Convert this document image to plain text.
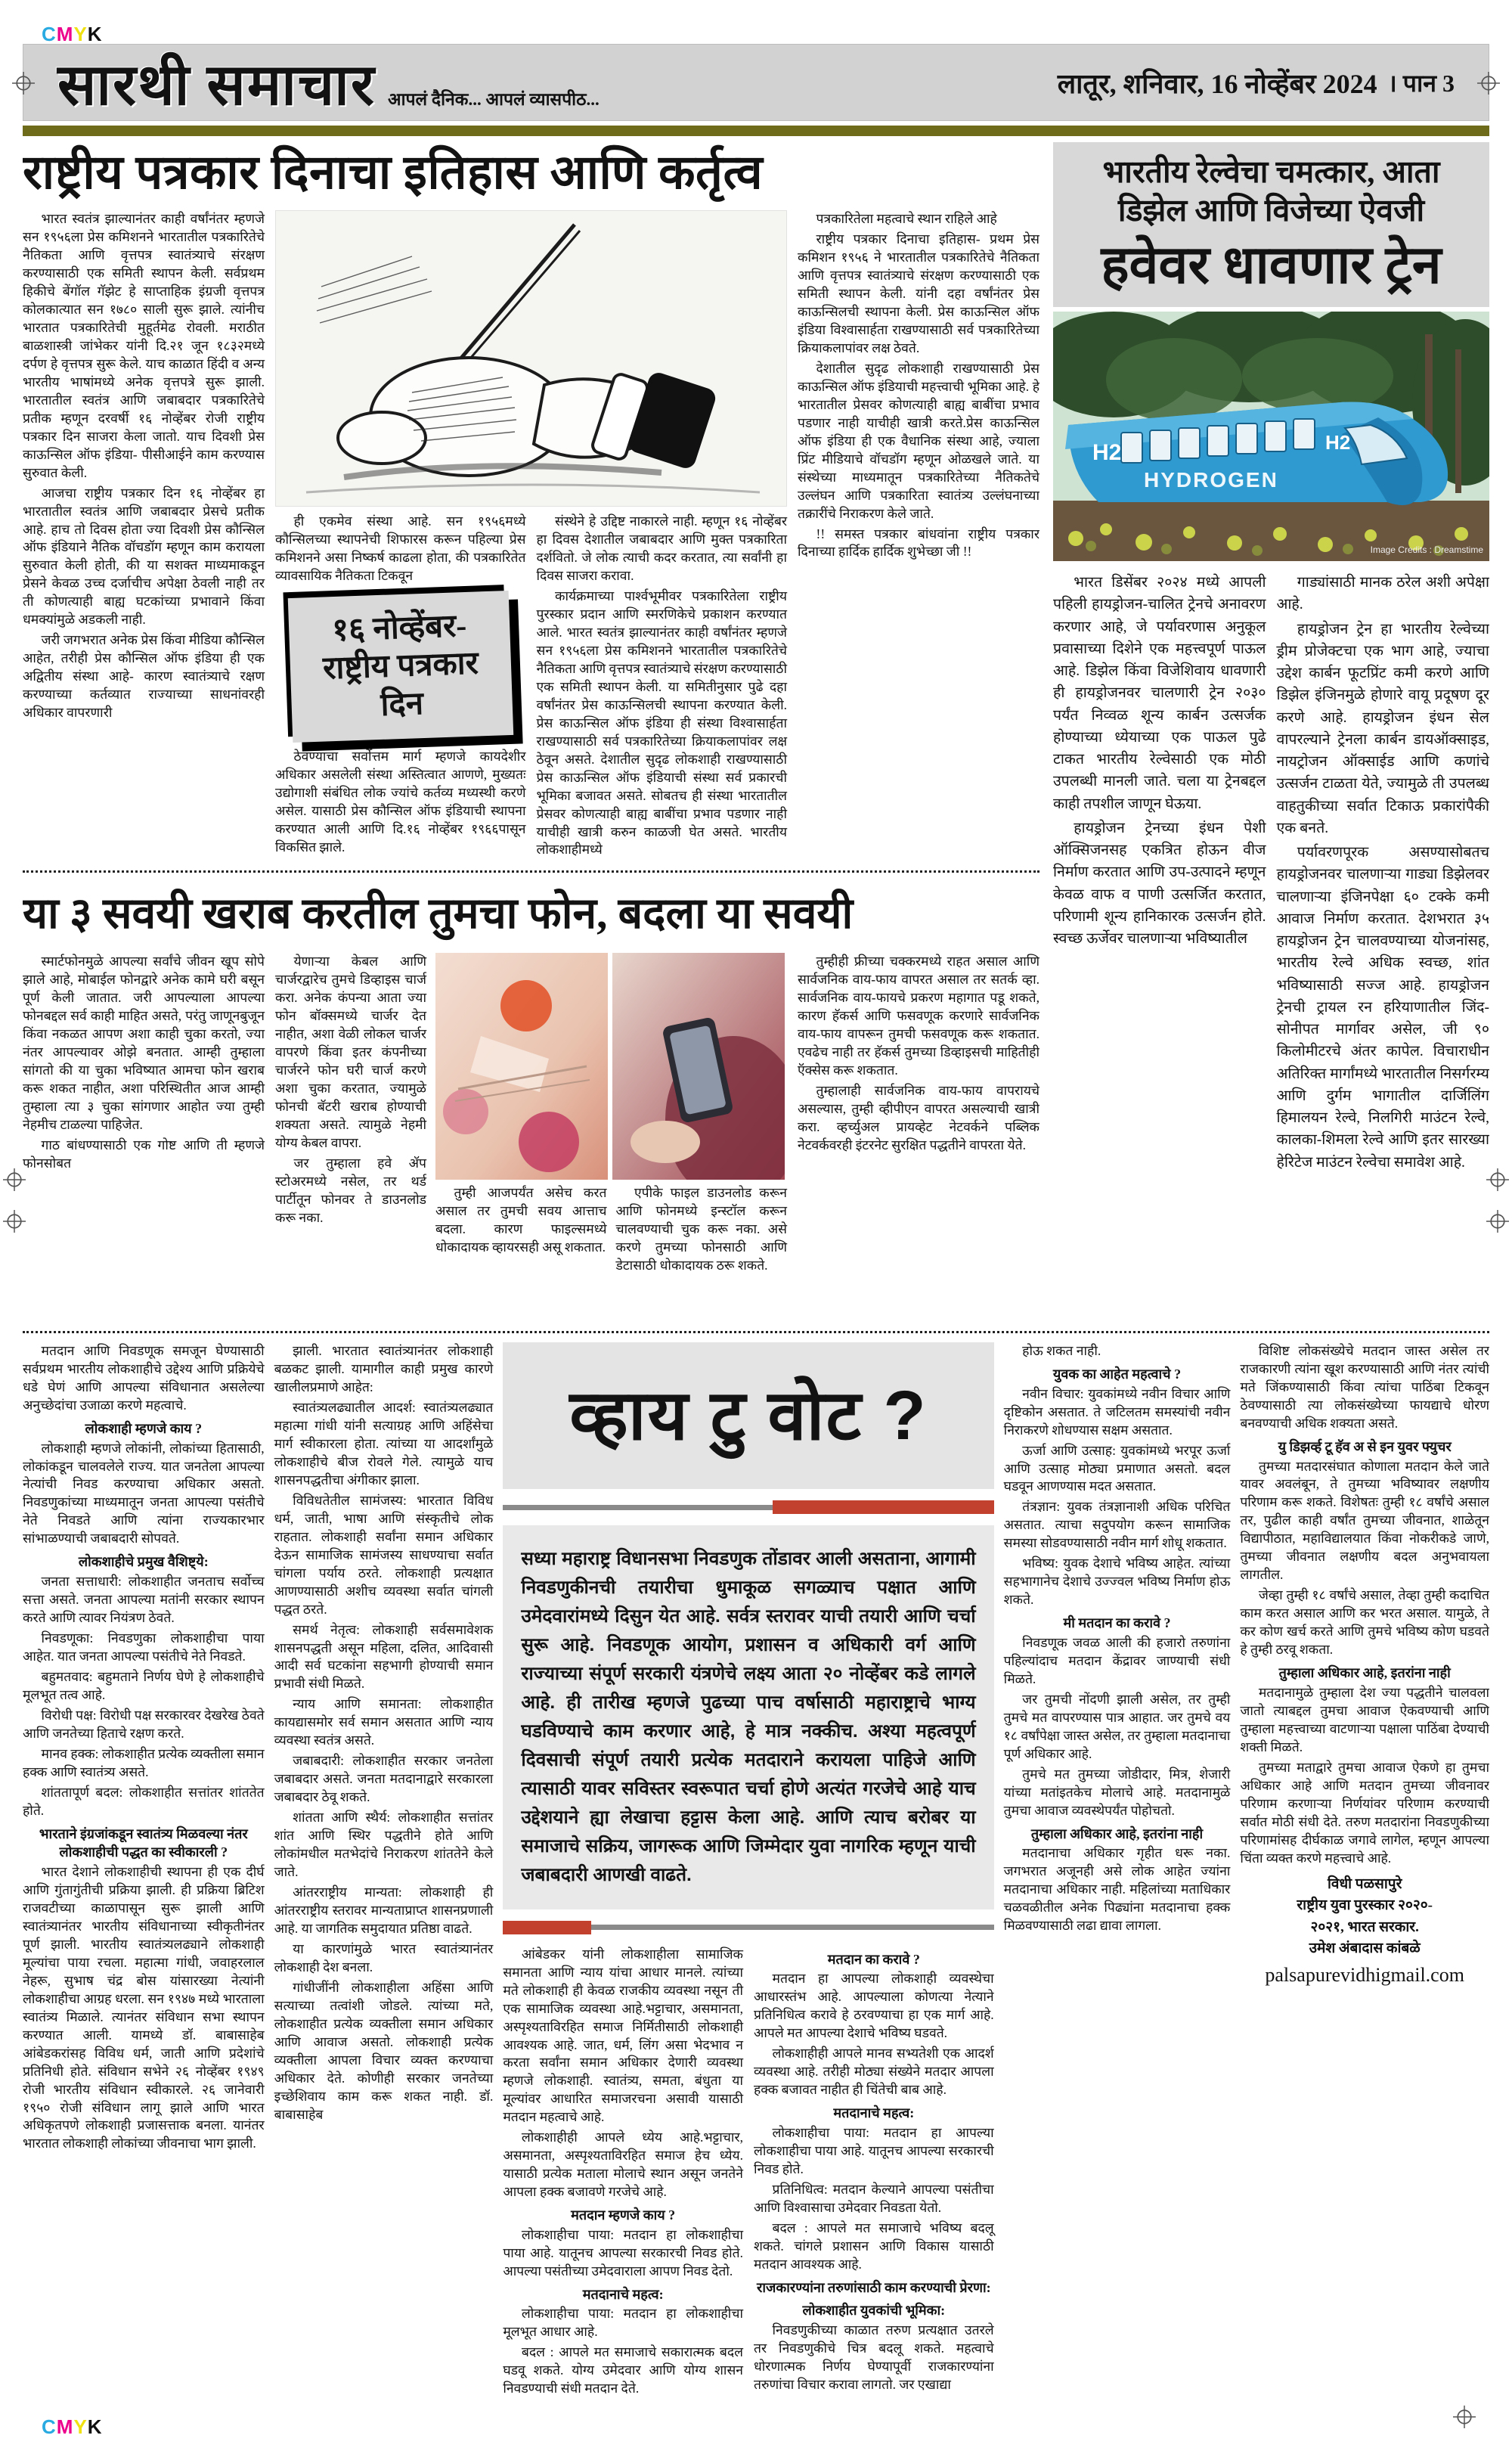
CMYK
सारथी समाचार आपलं दैनिक... आपलं व्यासपीठ...
लातूर, शनिवार, 16 नोव्हेंबर 2024 । पान 3
राष्ट्रीय पत्रकार दिनाचा इतिहास आणि कर्तृत्व

भारत स्वतंत्र झाल्यानंतर काही वर्षांनंतर म्हणजे सन १९५६ला प्रेस कमिशनने भारतातील पत्रकारितेचे नैतिकता आणि वृत्तपत्र स्वातंत्र्याचे संरक्षण करण्यासाठी एक समिती स्थापन केली. सर्वप्रथम हिकीचे बेंगॉल गॅझेट हे साप्ताहिक इंग्रजी वृत्तपत्र कोलकात्यात सन १७८० साली सुरू झाले. त्यांनीच भारतात पत्रकारितेची मुहूर्तमेढ रोवली. मराठीत बाळशास्त्री जांभेकर यांनी दि.२१ जून १८३२मध्ये दर्पण हे वृत्तपत्र सुरू केले. याच काळात हिंदी व अन्य भारतीय भाषांमध्ये अनेक वृत्तपत्रे सुरू झाली. भारतातील स्वतंत्र आणि जबाबदार पत्रकारितेचे प्रतीक म्हणून दरवर्षी १६ नोव्हेंबर रोजी राष्ट्रीय पत्रकार दिन साजरा केला जातो. याच दिवशी प्रेस काऊन्सिल ऑफ इंडिया- पीसीआईने काम करण्यास सुरुवात केली.

आजचा राष्ट्रीय पत्रकार दिन १६ नोव्हेंबर हा भारतातील स्वतंत्र आणि जबाबदार प्रेसचे प्रतीक आहे. हाच तो दिवस होता ज्या दिवशी प्रेस कौन्सिल ऑफ इंडियाने नैतिक वॉचडॉग म्हणून काम करायला सुरुवात केली होती, की या सशक्त माध्यमाकडून प्रेसने केवळ उच्च दर्जाचीच अपेक्षा ठेवली नाही तर ती कोणत्याही बाह्य घटकांच्या प्रभावाने किंवा धमक्यांमुळे अडकली नाही.

जरी जगभरात अनेक प्रेस किंवा मीडिया कौन्सिल आहेत, तरीही प्रेस कौन्सिल ऑफ इंडिया ही एक अद्वितीय संस्था आहे- कारण स्वातंत्र्याचे रक्षण करण्याच्या कर्तव्यात राज्याच्या साधनांवरही अधिकार वापरणारी

ही एकमेव संस्था आहे. सन १९५६मध्ये कौन्सिलच्या स्थापनेची शिफारस करून पहिल्या प्रेस कमिशनने असा निष्कर्ष काढला होता, की पत्रकारितेत व्यावसायिक नैतिकता टिकवून

१६ नोव्हेंबर- राष्ट्रीय पत्रकार दिन

ठेवण्याचा सर्वोत्तम मार्ग म्हणजे कायदेशीर अधिकार असलेली संस्था अस्तित्वात आणणे, मुख्यतः उद्योगाशी संबंधित लोक ज्यांचे कर्तव्य मध्यस्थी करणे असेल. यासाठी प्रेस कौन्सिल ऑफ इंडियाची स्थापना करण्यात आली आणि दि.१६ नोव्हेंबर १९६६पासून विकसित झाले.

संस्थेने हे उद्दिष्ट नाकारले नाही. म्हणून १६ नोव्हेंबर हा दिवस देशातील जबाबदार आणि मुक्त पत्रकारिता दर्शवितो. जे लोक त्याची कदर करतात, त्या सर्वांनी हा दिवस साजरा करावा.

कार्यक्रमाच्या पार्श्वभूमीवर पत्रकारितेला राष्ट्रीय पुरस्कार प्रदान आणि स्मरणिकेचे प्रकाशन करण्यात आले. भारत स्वतंत्र झाल्यानंतर काही वर्षांनंतर म्हणजे सन १९५६ला प्रेस कमिशनने भारतातील पत्रकारितेचे नैतिकता आणि वृत्तपत्र स्वातंत्र्याचे संरक्षण करण्यासाठी एक समिती स्थापन केली. या समितीनुसार पुढे दहा वर्षांनंतर प्रेस काऊन्सिलची स्थापना करण्यात केली. प्रेस काऊन्सिल ऑफ इंडिया ही संस्था विश्वासार्हता राखण्यासाठी सर्व पत्रकारितेच्या क्रियाकलापांवर लक्ष ठेवून असते. देशातील सुदृढ लोकशाही राखण्यासाठी प्रेस काऊन्सिल ऑफ इंडियाची संस्था सर्व प्रकारची भूमिका बजावत असते. सोबतच ही संस्था भारतातील प्रेसवर कोणत्याही बाह्य बाबींचा प्रभाव पडणार नाही याचीही खात्री करुन काळजी घेत असते. भारतीय लोकशाहीमध्ये

पत्रकारितेला महत्वाचे स्थान राहिले आहे

राष्ट्रीय पत्रकार दिनाचा इतिहास- प्रथम प्रेस कमिशन १९५६ ने भारतातील पत्रकारितेचे नैतिकता आणि वृत्तपत्र स्वातंत्र्याचे संरक्षण करण्यासाठी एक समिती स्थापन केली. यांनी दहा वर्षांनंतर प्रेस काऊन्सिलची स्थापना केली. प्रेस काऊन्सिल ऑफ इंडिया विश्वासार्हता राखण्यासाठी सर्व पत्रकारितेच्या क्रियाकलापांवर लक्ष ठेवते.

देशातील सुदृढ लोकशाही राखण्यासाठी प्रेस काऊन्सिल ऑफ इंडियाची महत्त्वाची भूमिका आहे. हे भारतातील प्रेसवर कोणत्याही बाह्य बाबींचा प्रभाव पडणार नाही याचीही खात्री करते.प्रेस काऊन्सिल ऑफ इंडिया ही एक वैधानिक संस्था आहे, ज्याला प्रिंट मीडियाचे वॉचडॉग म्हणून ओळखले जाते. या संस्थेच्या माध्यमातून पत्रकारितेच्या नैतिकतेचे उल्लंघन आणि पत्रकारिता स्वातंत्र्य उल्लंघनाच्या तक्रारींचे निराकरण केले जाते.

!! समस्त पत्रकार बांधवांना राष्ट्रीय पत्रकार दिनाच्या हार्दिक हार्दिक शुभेच्छा जी !!

या ३ सवयी खराब करतील तुमचा फोन, बदला या सवयी

स्मार्टफोनमुळे आपल्या सर्वांचे जीवन खूप सोपे झाले आहे, मोबाईल फोनद्वारे अनेक कामे घरी बसून पूर्ण केली जातात. जरी आपल्याला आपल्या फोनबद्दल सर्व काही माहित असते, परंतु जाणूनबुजून किंवा नकळत आपण अशा काही चुका करतो, ज्या नंतर आपल्यावर ओझे बनतात. आम्ही तुम्हाला सांगतो की या चुका भविष्यात आमचा फोन खराब करू शकत नाहीत, अशा परिस्थितीत आज आम्ही तुम्हाला त्या ३ चुका सांगणार आहोत ज्या तुम्ही नेहमीच टाळल्या पाहिजेत.

गाठ बांधण्यासाठी एक गोष्ट आणि ती म्हणजे फोनसोबत

येणाऱ्या केबल आणि चार्जरद्वारेच तुमचे डिव्हाइस चार्ज करा. अनेक कंपन्या आता ज्या फोन बॉक्समध्ये चार्जर देत नाहीत, अशा वेळी लोकल चार्जर वापरणे किंवा इतर कंपनीच्या चार्जरने फोन घरी चार्ज करणे अशा चुका करतात, ज्यामुळे फोनची बॅटरी खराब होण्याची शक्यता असते. त्यामुळे नेहमी योग्य केबल वापरा.

जर तुम्हाला हवे ॲप स्टोअरमध्ये नसेल, तर थर्ड पार्टीतून फोनवर ते डाउनलोड करू नका.

तुम्ही आजपर्यंत असेच करत असाल तर तुमची सवय आत्ताच बदला. कारण फाइल्समध्ये धोकादायक व्हायरसही असू शकतात.

एपीके फाइल डाउनलोड करून आणि फोनमध्ये इन्स्टॉल करून चालवण्याची चुक करू नका. असे करणे तुमच्या फोनसाठी आणि डेटासाठी धोकादायक ठरू शकते.

तुम्हीही फ्रीच्या चक्करमध्ये राहत असाल आणि सार्वजनिक वाय-फाय वापरत असाल तर सतर्क व्हा. सार्वजनिक वाय-फायचे प्रकरण महागात पडू शकते, कारण हॅकर्स आणि फसवणूक करणारे सार्वजनिक वाय-फाय वापरून तुमची फसवणूक करू शकतात. एवढेच नाही तर हॅकर्स तुमच्या डिव्हाइसची माहितीही ऍक्सेस करू शकतात.

तुम्हालाही सार्वजनिक वाय-फाय वापरायचे असल्यास, तुम्ही व्हीपीएन वापरत असल्याची खात्री करा. व्हर्च्युअल प्रायव्हेट नेटवर्कने पब्लिक नेटवर्कवरही इंटरनेट सुरक्षित पद्धतीने वापरता येते.

भारतीय रेल्वेचा चमत्कार, आता
डिझेल आणि विजेच्या ऐवजी
हवेवर धावणार ट्रेन
H2	H2
HYDROGEN
Image Credits : Dreamstime

भारत डिसेंबर २०२४ मध्ये आपली पहिली हायड्रोजन-चालित ट्रेनचे अनावरण करणार आहे, जे पर्यावरणास अनुकूल प्रवासाच्या दिशेने एक महत्त्वपूर्ण पाऊल आहे. डिझेल किंवा विजेशिवाय धावणारी ही हायड्रोजनवर चालणारी ट्रेन २०३० पर्यंत निव्वळ शून्य कार्बन उत्सर्जक होण्याच्या ध्येयाच्या एक पाऊल पुढे टाकत भारतीय रेल्वेसाठी एक मोठी उपलब्धी मानली जाते. चला या ट्रेनबद्दल काही तपशील जाणून घेऊया.

हायड्रोजन ट्रेनच्या इंधन पेशी ऑक्सिजनसह एकत्रित होऊन वीज निर्माण करतात आणि उप-उत्पादने म्हणून केवळ वाफ व पाणी उत्सर्जित करतात, परिणामी शून्य हानिकारक उत्सर्जन होते. स्वच्छ ऊर्जेवर चालणाऱ्या भविष्यातील

गाड्यांसाठी मानक ठरेल अशी अपेक्षा आहे.

हायड्रोजन ट्रेन हा भारतीय रेल्वेच्या ड्रीम प्रोजेक्टचा एक भाग आहे, ज्याचा उद्देश कार्बन फूटप्रिंट कमी करणे आणि डिझेल इंजिनमुळे होणारे वायू प्रदूषण दूर करणे आहे. हायड्रोजन इंधन सेल वापरल्याने ट्रेनला कार्बन डायऑक्साइड, नायट्रोजन ऑक्साईड आणि कणांचे उत्सर्जन टाळता येते, ज्यामुळे ती उपलब्ध वाहतुकीच्या सर्वात टिकाऊ प्रकारांपैकी एक बनते.

पर्यावरणपूरक असण्यासोबतच हायड्रोजनवर चालणाऱ्या गाड्या डिझेलवर चालणाऱ्या इंजिनपेक्षा ६० टक्के कमी आवाज निर्माण करतात. देशभरात ३५ हायड्रोजन ट्रेन चालवण्याच्या योजनांसह, भारतीय रेल्वे अधिक स्वच्छ, शांत भविष्यासाठी सज्ज आहे. हायड्रोजन ट्रेनची ट्रायल रन हरियाणातील जिंद-सोनीपत मार्गावर असेल, जी ९० किलोमीटरचे अंतर कापेल. विचाराधीन अतिरिक्त मार्गांमध्ये भारतातील निसर्गरम्य आणि दुर्गम भागातील दार्जिलिंग हिमालयन रेल्वे, निलगिरी माउंटन रेल्वे, कालका-शिमला रेल्वे आणि इतर सारख्या हेरिटेज माउंटन रेल्वेचा समावेश आहे.

मतदान आणि निवडणूक समजून घेण्यासाठी सर्वप्रथम भारतीय लोकशाहीचे उद्देश्य आणि प्रक्रियेचे धडे घेणं आणि आपल्या संविधानात असलेल्या अनुच्छेदांचा उजाळा करणे महत्वाचे.

लोकशाही म्हणजे काय ?

लोकशाही म्हणजे लोकांनी, लोकांच्या हितासाठी, लोकांकडून चालवलेले राज्य. यात जनतेला आपल्या नेत्यांची निवड करण्याचा अधिकार असतो. निवडणुकांच्या माध्यमातून जनता आपल्या पसंतीचे नेते निवडते आणि त्यांना राज्यकारभार सांभाळण्याची जबाबदारी सोपवते.

लोकशाहीचे प्रमुख वैशिष्ट्ये:

जनता सत्ताधारी: लोकशाहीत जनताच सर्वोच्च सत्ता असते. जनता आपल्या मतांनी सरकार स्थापन करते आणि त्यावर नियंत्रण ठेवते.

निवडणूका: निवडणुका लोकशाहीचा पाया आहेत. यात जनता आपल्या पसंतीचे नेते निवडते.

बहुमतवाद: बहुमताने निर्णय घेणे हे लोकशाहीचे मूलभूत तत्व आहे.

विरोधी पक्ष: विरोधी पक्ष सरकारवर देखरेख ठेवते आणि जनतेच्या हिताचे रक्षण करते.

मानव हक्क: लोकशाहीत प्रत्येक व्यक्तीला समान हक्क आणि स्वातंत्र्य असते.

शांततापूर्ण बदल: लोकशाहीत सत्तांतर शांततेत होते.

भारताने इंग्रजांकडून स्वातंत्र्य मिळवल्या नंतर लोकशाहीची पद्धत का स्वीकारली ?

भारत देशाने लोकशाहीची स्थापना ही एक दीर्घ आणि गुंतागुंतीची प्रक्रिया झाली. ही प्रक्रिया ब्रिटिश राजवटीच्या काळापासून सुरू झाली आणि स्वातंत्र्यानंतर भारतीय संविधानाच्या स्वीकृतीनंतर पूर्ण झाली. भारतीय स्वातंत्र्यलढ्याने लोकशाही मूल्यांचा पाया रचला. महात्मा गांधी, जवाहरलाल नेहरू, सुभाष चंद्र बोस यांसारख्या नेत्यांनी लोकशाहीचा आग्रह धरला. सन १९४७ मध्ये भारताला स्वातंत्र्य मिळाले. त्यानंतर संविधान सभा स्थापन करण्यात आली. यामध्ये डॉ. बाबासाहेब आंबेडकरांसह विविध धर्म, जाती आणि प्रदेशांचे प्रतिनिधी होते. संविधान सभेने २६ नोव्हेंबर १९४९ रोजी भारतीय संविधान स्वीकारले. २६ जानेवारी १९५० रोजी संविधान लागू झाले आणि भारत अधिकृतपणे लोकशाही प्रजासत्ताक बनला. यानंतर भारतात लोकशाही लोकांच्या जीवनाचा भाग झाली.

झाली. भारतात स्वातंत्र्यानंतर लोकशाही बळकट झाली. यामागील काही प्रमुख कारणे खालीलप्रमाणे आहेत:

स्वातंत्र्यलढ्यातील आदर्श: स्वातंत्र्यलढ्यात महात्मा गांधी यांनी सत्याग्रह आणि अहिंसेचा मार्ग स्वीकारला होता. त्यांच्या या आदर्शांमुळे लोकशाहीचे बीज रोवले गेले. त्यामुळे याच शासनपद्धतीचा अंगीकार झाला.

विविधतेतील सामंजस्य: भारतात विविध धर्म, जाती, भाषा आणि संस्कृतीचे लोक राहतात. लोकशाही सर्वांना समान अधिकार देऊन सामाजिक सामंजस्य साधण्याचा सर्वात चांगला पर्याय ठरते. लोकशाही प्रत्यक्षात आणण्यासाठी अशीच व्यवस्था सर्वात चांगली पद्धत ठरते.

समर्थ नेतृत्व: लोकशाही सर्वसमावेशक शासनपद्धती असून महिला, दलित, आदिवासी आदी सर्व घटकांना सहभागी होण्याची समान प्रभावी संधी मिळते.

न्याय आणि समानता: लोकशाहीत कायद्यासमोर सर्व समान असतात आणि न्याय व्यवस्था स्वतंत्र असते.

जबाबदारी: लोकशाहीत सरकार जनतेला जबाबदार असते. जनता मतदानाद्वारे सरकारला जबाबदार ठेवू शकते.

शांतता आणि स्थैर्य: लोकशाहीत सत्तांतर शांत आणि स्थिर पद्धतीने होते आणि लोकांमधील मतभेदांचे निराकरण शांततेने केले जाते.

आंतरराष्ट्रीय मान्यता: लोकशाही ही आंतरराष्ट्रीय स्तरावर मान्यताप्राप्त शासनप्रणाली आहे. या जागतिक समुदायात प्रतिष्ठा वाढते.

या कारणांमुळे भारत स्वातंत्र्यानंतर लोकशाही देश बनला.

गांधीजींनी लोकशाहीला अहिंसा आणि सत्याच्या तत्वांशी जोडले. त्यांच्या मते, लोकशाहीत प्रत्येक व्यक्तीला समान अधिकार आणि आवाज असतो. लोकशाही प्रत्येक व्यक्तीला आपला विचार व्यक्त करण्याचा अधिकार देते. कोणीही सरकार जनतेच्या इच्छेशिवाय काम करू शकत नाही. डॉ. बाबासाहेब

व्हाय टु वोट ?
सध्या महाराष्ट्र विधानसभा निवडणुक तोंडावर आली असताना, आगामी निवडणुकीनची तयारीचा धुमाकूळ सगळ्याच पक्षात आणि उमेदवारांमध्ये दिसुन येत आहे. सर्वत्र स्तरावर याची तयारी आणि चर्चा सुरू आहे. निवडणूक आयोग, प्रशासन व अधिकारी वर्ग आणि राज्याच्या संपूर्ण सरकारी यंत्रणेचे लक्ष्य आता २० नोव्हेंबर कडे लागले आहे. ही तारीख म्हणजे पुढच्या पाच वर्षासाठी महाराष्ट्राचे भाग्य घडविण्याचे काम करणार आहे, हे मात्र नक्कीच. अश्या महत्वपूर्ण दिवसाची संपूर्ण तयारी प्रत्येक मतदाराने करायला पाहिजे आणि त्यासाठी यावर सविस्तर स्वरूपात चर्चा होणे अत्यंत गरजेचे आहे याच उद्देशयाने ह्या लेखाचा हट्टास केला आहे. आणि त्याच बरोबर या समाजाचे सक्रिय, जागरूक आणि जिम्मेदार युवा नागरिक म्हणून याची जबाबदारी आणखी वाढते.

आंबेडकर यांनी लोकशाहीला सामाजिक समानता आणि न्याय यांचा आधार मानले. त्यांच्या मते लोकशाही ही केवळ राजकीय व्यवस्था नसून ती एक सामाजिक व्यवस्था आहे.भट्टाचार, असमानता, अस्पृश्यताविरहित समाज निर्मितीसाठी लोकशाही आवश्यक आहे. जात, धर्म, लिंग असा भेदभाव न करता सर्वांना समान अधिकार देणारी व्यवस्था म्हणजे लोकशाही. स्वातंत्र्य, समता, बंधुता या मूल्यांवर आधारित समाजरचना असावी यासाठी मतदान महत्वाचे आहे.

लोकशाहीही आपले ध्येय आहे.भट्टाचार, असमानता, अस्पृश्यताविरहित समाज हेच ध्येय. यासाठी प्रत्येक मताला मोलाचे स्थान असून जनतेने आपला हक्क बजावणे गरजेचे आहे.

मतदान म्हणजे काय ?

लोकशाहीचा पाया: मतदान हा लोकशाहीचा पाया आहे. यातूनच आपल्या सरकारची निवड होते. आपल्या पसंतीच्या उमेदवाराला आपण निवड देतो.

मतदानाचे महत्व:

लोकशाहीचा पाया: मतदान हा लोकशाहीचा मूलभूत आधार आहे.

बदल : आपले मत समाजाचे सकारात्मक बदल घडवू शकते. योग्य उमेदवार आणि योग्य शासन निवडण्याची संधी मतदान देते.

मतदान का करावे ?

मतदान हा आपल्या लोकशाही व्यवस्थेचा आधारस्तंभ आहे. आपल्याला कोणत्या नेत्याने प्रतिनिधित्व करावे हे ठरवण्याचा हा एक मार्ग आहे. आपले मत आपल्या देशाचे भविष्य घडवते.

लोकशाहीही आपले मानव सभ्यतेशी एक आदर्श व्यवस्था आहे. तरीही मोठ्या संख्येने मतदार आपला हक्क बजावत नाहीत ही चिंतेची बाब आहे.

मतदानाचे महत्व:

लोकशाहीचा पाया: मतदान हा आपल्या लोकशाहीचा पाया आहे. यातूनच आपल्या सरकारची निवड होते.

प्रतिनिधित्व: मतदान केल्याने आपल्या पसंतीचा आणि विश्वासाचा उमेदवार निवडता येतो.

बदल : आपले मत समाजाचे भविष्य बदलू शकते. चांगले प्रशासन आणि विकास यासाठी मतदान आवश्यक आहे.

राजकारण्यांना तरुणांसाठी काम करण्याची प्रेरणा:
लोकशाहीत युवकांची भूमिका:

निवडणुकीच्या काळात तरुण प्रत्यक्षात उतरले तर निवडणुकीचे चित्र बदलू शकते. महत्वाचे धोरणात्मक निर्णय घेण्यापूर्वी राजकारण्यांना तरुणांचा विचार करावा लागतो. जर एखाद्या

होऊ शकत नाही.

युवक का आहेत महत्वाचे ?

नवीन विचार: युवकांमध्ये नवीन विचार आणि दृष्टिकोन असतात. ते जटिलतम समस्यांची नवीन निराकरणे शोधण्यास सक्षम असतात.

ऊर्जा आणि उत्साह: युवकांमध्ये भरपूर ऊर्जा आणि उत्साह मोठ्या प्रमाणात असतो. बदल घडवून आणण्यास मदत असतात.

तंत्रज्ञान: युवक तंत्रज्ञानाशी अधिक परिचित असतात. त्याचा सदुपयोग करून सामाजिक समस्या सोडवण्यासाठी नवीन मार्ग शोधू शकतात.

भविष्य: युवक देशाचे भविष्य आहेत. त्यांच्या सहभागानेच देशाचे उज्ज्वल भविष्य निर्माण होऊ शकते.

मी मतदान का करावे ?

निवडणूक जवळ आली की हजारो तरुणांना पहिल्यांदाच मतदान केंद्रावर जाण्याची संधी मिळते.

जर तुमची नोंदणी झाली असेल, तर तुम्ही तुमचे मत वापरण्यास पात्र आहात. जर तुमचे वय १८ वर्षांपेक्षा जास्त असेल, तर तुम्हाला मतदानाचा पूर्ण अधिकार आहे.

तुमचे मत तुमच्या जोडीदार, मित्र, शेजारी यांच्या मतांइतकेच मोलाचे आहे. मतदानामुळे तुमचा आवाज व्यवस्थेपर्यंत पोहोचतो.

तुम्हाला अधिकार आहे, इतरांना नाही

मतदानाचा अधिकार गृहीत धरू नका. जगभरात अजूनही असे लोक आहेत ज्यांना मतदानाचा अधिकार नाही. महिलांच्या मताधिकार चळवळीतील अनेक पिढ्यांना मतदानाचा हक्क मिळवण्यासाठी लढा द्यावा लागला.

विशिष्ट लोकसंख्येचे मतदान जास्त असेल तर राजकारणी त्यांना खूश करण्यासाठी आणि नंतर त्यांची मते जिंकण्यासाठी किंवा त्यांचा पाठिंबा टिकवून ठेवण्यासाठी त्या लोकसंख्येच्या फायद्याचे धोरण बनवण्याची अधिक शक्यता असते.

यु डिझर्व्ह टू हॅव अ से इन युवर फ्युचर

तुमच्या मतदारसंघात कोणाला मतदान केले जाते यावर अवलंबून, ते तुमच्या भविष्यावर लक्षणीय परिणाम करू शकते. विशेषतः तुम्ही १८ वर्षांचे असाल तर, पुढील काही वर्षांत तुमच्या जीवनात, शाळेतून विद्यापीठात, महाविद्यालयात किंवा नोकरीकडे जाणे, तुमच्या जीवनात लक्षणीय बदल अनुभवायला लागतील.

जेव्हा तुम्ही १८ वर्षांचे असाल, तेव्हा तुम्ही कदाचित काम करत असाल आणि कर भरत असाल. यामुळे, ते कर कोण खर्च करते आणि तुमचे भविष्य कोण घडवते हे तुम्ही ठरवू शकता.

तुम्हाला अधिकार आहे, इतरांना नाही

मतदानामुळे तुम्हाला देश ज्या पद्धतीने चालवला जातो त्याबद्दल तुमचा आवाज ऐकवण्याची आणि तुम्हाला महत्त्वाच्या वाटणाऱ्या पक्षाला पाठिंबा देण्याची शक्ती मिळते.

तुमच्या मताद्वारे तुमचा आवाज ऐकणे हा तुमचा अधिकार आहे आणि मतदान तुमच्या जीवनावर परिणाम करणाऱ्या निर्णयांवर परिणाम करण्याची सर्वात मोठी संधी देते. तरुण मतदारांना निवडणुकीच्या परिणामांसह दीर्घकाळ जगावे लागेल, म्हणून आपल्या चिंता व्यक्त करणे महत्त्वाचे आहे.

विधी पळसापुरे
राष्ट्रीय युवा पुरस्कार २०२०-
२०२१, भारत सरकार.
उमेश अंबादास कांबळे
palsapurevidhigmail.com
CMYK
